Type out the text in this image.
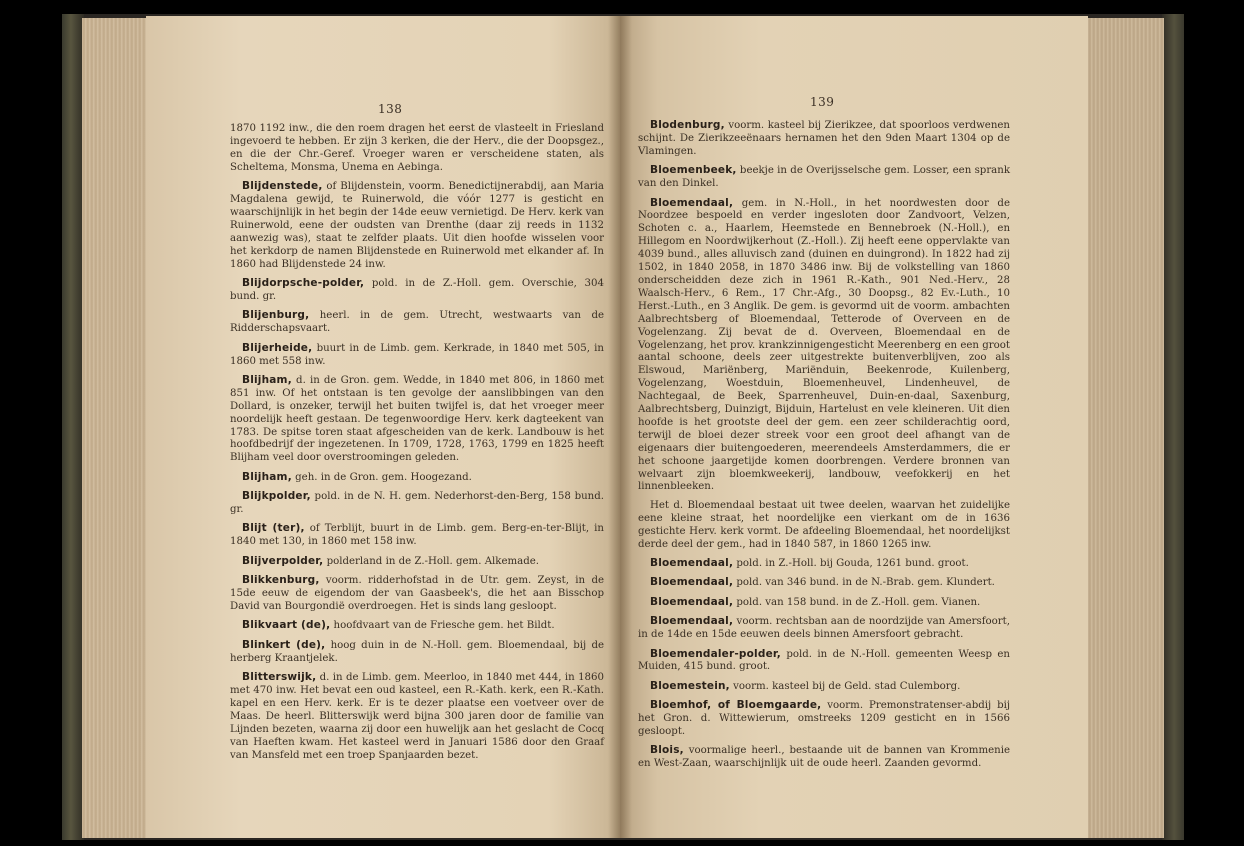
138

1870 1192 inw., die den roem dragen het eerst de vlasteelt in Friesland ingevoerd te hebben. Er zijn 3 kerken, die der Herv., die der Doopsgez., en die der Chr.-Geref. Vroeger waren er verscheidene staten, als Scheltema, Monsma, Unema en Aebinga.

Blijdenstede, of Blijdenstein, voorm. Benedictijnerabdij, aan Maria Magdalena gewijd, te Ruinerwold, die vóór 1277 is gesticht en waarschijnlijk in het begin der 14de eeuw vernietigd. De Herv. kerk van Ruinerwold, eene der oudsten van Drenthe (daar zij reeds in 1132 aanwezig was), staat te zelfder plaats. Uit dien hoofde wisselen voor het kerkdorp de namen Blijdenstede en Ruinerwold met elkander af. In 1860 had Blijdenstede 24 inw.

Blijdorpsche-polder, pold. in de Z.-Holl. gem. Overschie, 304 bund. gr.

Blijenburg, heerl. in de gem. Utrecht, westwaarts van de Ridderschapsvaart.

Blijerheide, buurt in de Limb. gem. Kerkrade, in 1840 met 505, in 1860 met 558 inw.

Blijham, d. in de Gron. gem. Wedde, in 1840 met 806, in 1860 met 851 inw. Of het ontstaan is ten gevolge der aanslibbingen van den Dollard, is onzeker, terwijl het buiten twijfel is, dat het vroeger meer noordelijk heeft gestaan. De tegenwoordige Herv. kerk dagteekent van 1783. De spitse toren staat afgescheiden van de kerk. Landbouw is het hoofdbedrijf der ingezetenen. In 1709, 1728, 1763, 1799 en 1825 heeft Blijham veel door overstroomingen geleden.

Blijham, geh. in de Gron. gem. Hoogezand.

Blijkpolder, pold. in de N. H. gem. Nederhorst-den-Berg, 158 bund. gr.

Blijt (ter), of Terblijt, buurt in de Limb. gem. Berg-en-ter-Blijt, in 1840 met 130, in 1860 met 158 inw.

Blijverpolder, polderland in de Z.-Holl. gem. Alkemade.

Blikkenburg, voorm. ridderhofstad in de Utr. gem. Zeyst, in de 15de eeuw de eigendom der van Gaasbeek's, die het aan Bisschop David van Bourgondië overdroegen. Het is sinds lang gesloopt.

Blikvaart (de), hoofdvaart van de Friesche gem. het Bildt.

Blinkert (de), hoog duin in de N.-Holl. gem. Bloemendaal, bij de herberg Kraantjelek.

Blitterswijk, d. in de Limb. gem. Meerloo, in 1840 met 444, in 1860 met 470 inw. Het bevat een oud kasteel, een R.-Kath. kerk, een R.-Kath. kapel en een Herv. kerk. Er is te dezer plaatse een voetveer over de Maas. De heerl. Blitterswijk werd bijna 300 jaren door de familie van Lijnden bezeten, waarna zij door een huwelijk aan het geslacht de Cocq van Haeften kwam. Het kasteel werd in Januari 1586 door den Graaf van Mansfeld met een troep Spanjaarden bezet.

139

Blodenburg, voorm. kasteel bij Zierikzee, dat spoorloos verdwenen schijnt. De Zierikzeeënaars hernamen het den 9den Maart 1304 op de Vlamingen.

Bloemenbeek, beekje in de Overijsselsche gem. Losser, een sprank van den Dinkel.

Bloemendaal, gem. in N.-Holl., in het noordwesten door de Noordzee bespoeld en verder ingesloten door Zandvoort, Velzen, Schoten c. a., Haarlem, Heemstede en Bennebroek (N.-Holl.), en Hillegom en Noordwijkerhout (Z.-Holl.). Zij heeft eene oppervlakte van 4039 bund., alles alluvisch zand (duinen en duingrond). In 1822 had zij 1502, in 1840 2058, in 1870 3486 inw. Bij de volkstelling van 1860 onderscheidden deze zich in 1961 R.-Kath., 901 Ned.-Herv., 28 Waalsch-Herv., 6 Rem., 17 Chr.-Afg., 30 Doopsg., 82 Ev.-Luth., 10 Herst.-Luth., en 3 Anglik. De gem. is gevormd uit de voorm. ambachten Aalbrechtsberg of Bloemendaal, Tetterode of Overveen en de Vogelenzang. Zij bevat de d. Overveen, Bloemendaal en de Vogelenzang, het prov. krankzinnigengesticht Meerenberg en een groot aantal schoone, deels zeer uitgestrekte buitenverblijven, zoo als Elswoud, Mariënberg, Mariënduin, Beekenrode, Kuilenberg, Vogelenzang, Woestduin, Bloemenheuvel, Lindenheuvel, de Nachtegaal, de Beek, Sparrenheuvel, Duin-en-daal, Saxenburg, Aalbrechtsberg, Duinzigt, Bijduin, Hartelust en vele kleineren. Uit dien hoofde is het grootste deel der gem. een zeer schilderachtig oord, terwijl de bloei dezer streek voor een groot deel afhangt van de eigenaars dier buitengoederen, meerendeels Amsterdammers, die er het schoone jaargetijde komen doorbrengen. Verdere bronnen van welvaart zijn bloemkweekerij, landbouw, veefokkerij en het linnenbleeken.

Het d. Bloemendaal bestaat uit twee deelen, waarvan het zuidelijke eene kleine straat, het noordelijke een vierkant om de in 1636 gestichte Herv. kerk vormt. De afdeeling Bloemendaal, het noordelijkst derde deel der gem., had in 1840 587, in 1860 1265 inw.

Bloemendaal, pold. in Z.-Holl. bij Gouda, 1261 bund. groot.

Bloemendaal, pold. van 346 bund. in de N.-Brab. gem. Klundert.

Bloemendaal, pold. van 158 bund. in de Z.-Holl. gem. Vianen.

Bloemendaal, voorm. rechtsban aan de noordzijde van Amersfoort, in de 14de en 15de eeuwen deels binnen Amersfoort gebracht.

Bloemendaler-polder, pold. in de N.-Holl. gemeenten Weesp en Muiden, 415 bund. groot.

Bloemestein, voorm. kasteel bij de Geld. stad Culemborg.

Bloemhof, of Bloemgaarde, voorm. Premonstratenser-abdij bij het Gron. d. Wittewierum, omstreeks 1209 gesticht en in 1566 gesloopt.

Blois, voormalige heerl., bestaande uit de bannen van Krommenie en West-Zaan, waarschijnlijk uit de oude heerl. Zaanden gevormd.
